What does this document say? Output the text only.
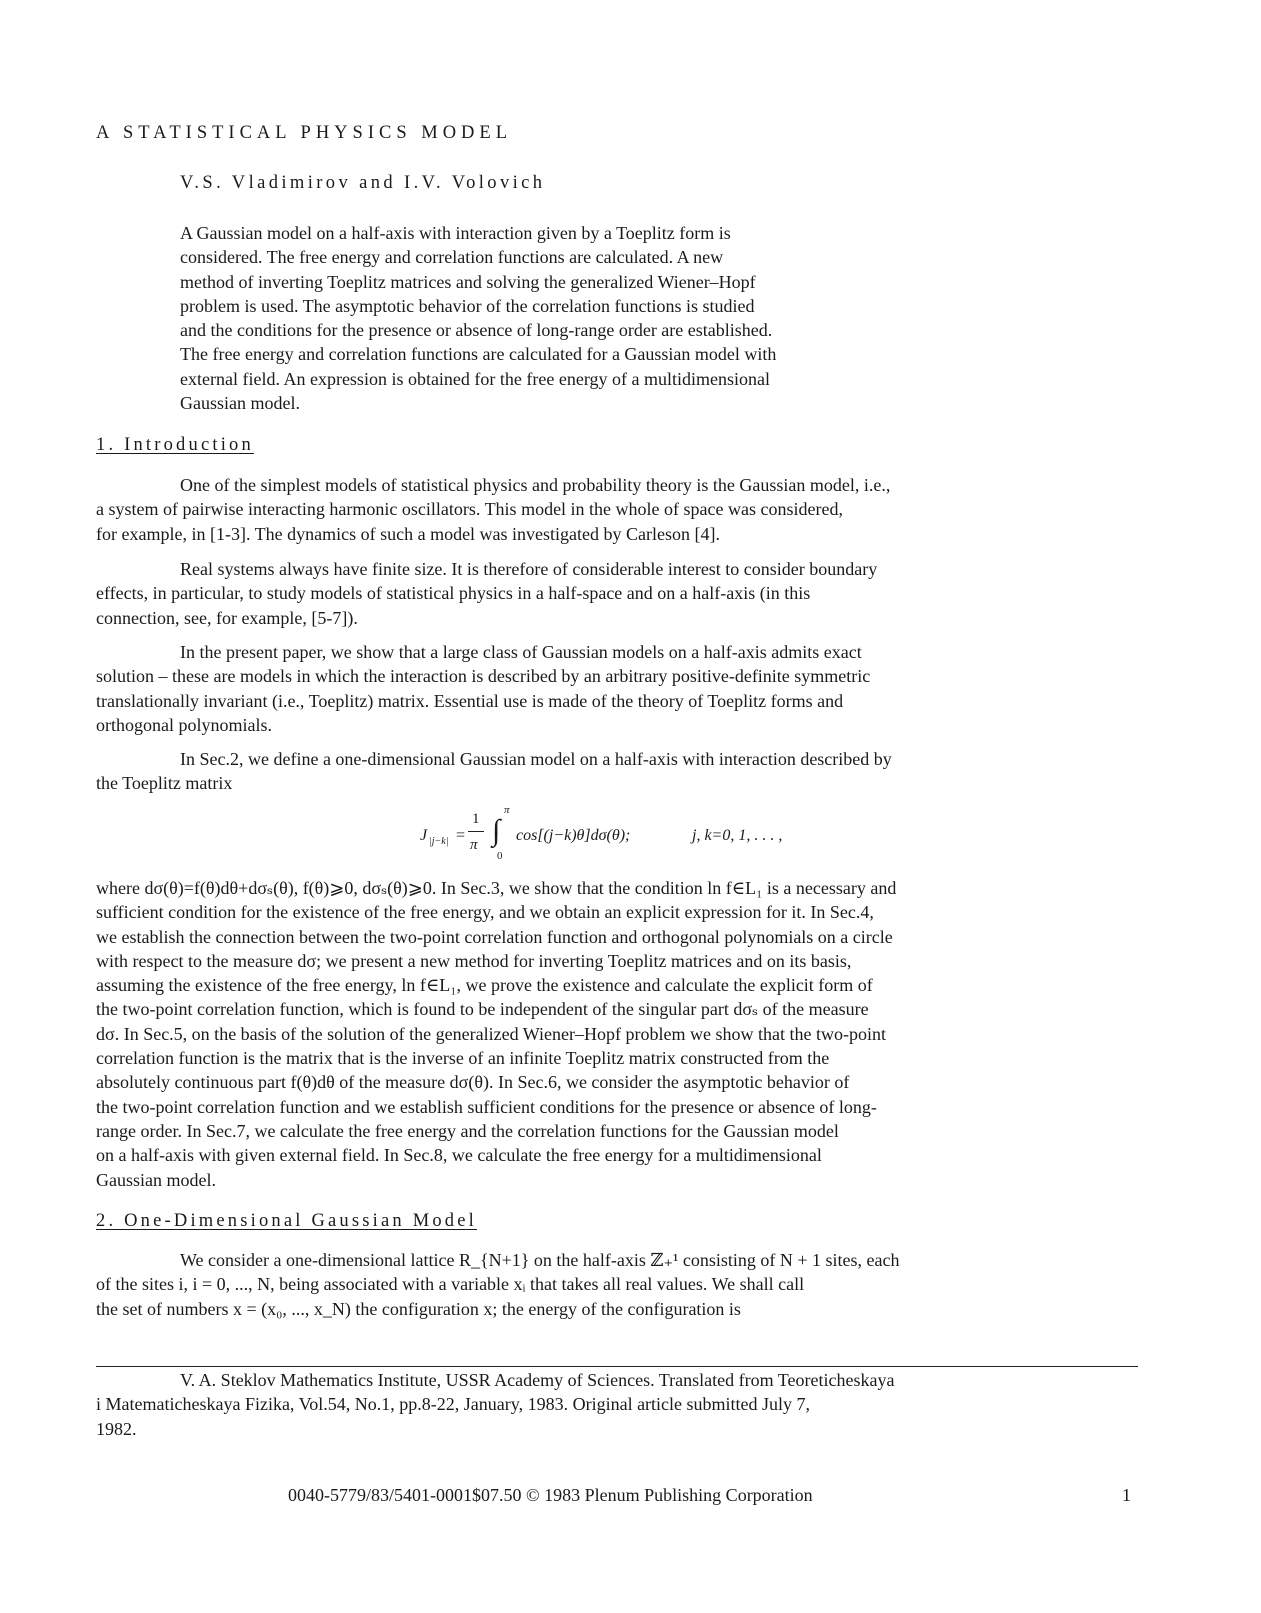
A STATISTICAL PHYSICS MODEL
V.S. Vladimirov and I.V. Volovich
A Gaussian model on a half-axis with interaction given by a Toeplitz form is
considered. The free energy and correlation functions are calculated. A new
method of inverting Toeplitz matrices and solving the generalized Wiener–Hopf
problem is used. The asymptotic behavior of the correlation functions is studied
and the conditions for the presence or absence of long-range order are established.
The free energy and correlation functions are calculated for a Gaussian model with
external field. An expression is obtained for the free energy of a multidimensional
Gaussian model.
1. Introduction
One of the simplest models of statistical physics and probability theory is the Gaussian model, i.e.,
a system of pairwise interacting harmonic oscillators. This model in the whole of space was considered,
for example, in [1-3]. The dynamics of such a model was investigated by Carleson [4].
Real systems always have finite size. It is therefore of considerable interest to consider boundary
effects, in particular, to study models of statistical physics in a half-space and on a half-axis (in this
connection, see, for example, [5-7]).
In the present paper, we show that a large class of Gaussian models on a half-axis admits exact
solution – these are models in which the interaction is described by an arbitrary positive-definite symmetric
translationally invariant (i.e., Toeplitz) matrix. Essential use is made of the theory of Toeplitz forms and
orthogonal polynomials.
In Sec.2, we define a one-dimensional Gaussian model on a half-axis with interaction described by
the Toeplitz matrix
J |j−k| =
1
π ∫
π
0
cos[(j−k)θ]dσ(θ);	j, k=0, 1, . . . ,
where dσ(θ)=f(θ)dθ+dσₛ(θ), f(θ)⩾0, dσₛ(θ)⩾0. In Sec.3, we show that the condition ln f∈L₁ is a necessary and
sufficient condition for the existence of the free energy, and we obtain an explicit expression for it. In Sec.4,
we establish the connection between the two-point correlation function and orthogonal polynomials on a circle
with respect to the measure dσ; we present a new method for inverting Toeplitz matrices and on its basis,
assuming the existence of the free energy, ln f∈L₁, we prove the existence and calculate the explicit form of
the two-point correlation function, which is found to be independent of the singular part dσₛ of the measure
dσ. In Sec.5, on the basis of the solution of the generalized Wiener–Hopf problem we show that the two-point
correlation function is the matrix that is the inverse of an infinite Toeplitz matrix constructed from the
absolutely continuous part f(θ)dθ of the measure dσ(θ). In Sec.6, we consider the asymptotic behavior of
the two-point correlation function and we establish sufficient conditions for the presence or absence of long-
range order. In Sec.7, we calculate the free energy and the correlation functions for the Gaussian model
on a half-axis with given external field. In Sec.8, we calculate the free energy for a multidimensional
Gaussian model.
2. One-Dimensional Gaussian Model
We consider a one-dimensional lattice R_{N+1} on the half-axis ℤ₊¹ consisting of N + 1 sites, each
of the sites i, i = 0, ..., N, being associated with a variable xᵢ that takes all real values. We shall call
the set of numbers x = (x₀, ..., x_N) the configuration x; the energy of the configuration is
V. A. Steklov Mathematics Institute, USSR Academy of Sciences. Translated from Teoreticheskaya
i Matematicheskaya Fizika, Vol.54, No.1, pp.8-22, January, 1983. Original article submitted July 7,
1982.
0040-5779/83/5401-0001$07.50 © 1983 Plenum Publishing Corporation	1
